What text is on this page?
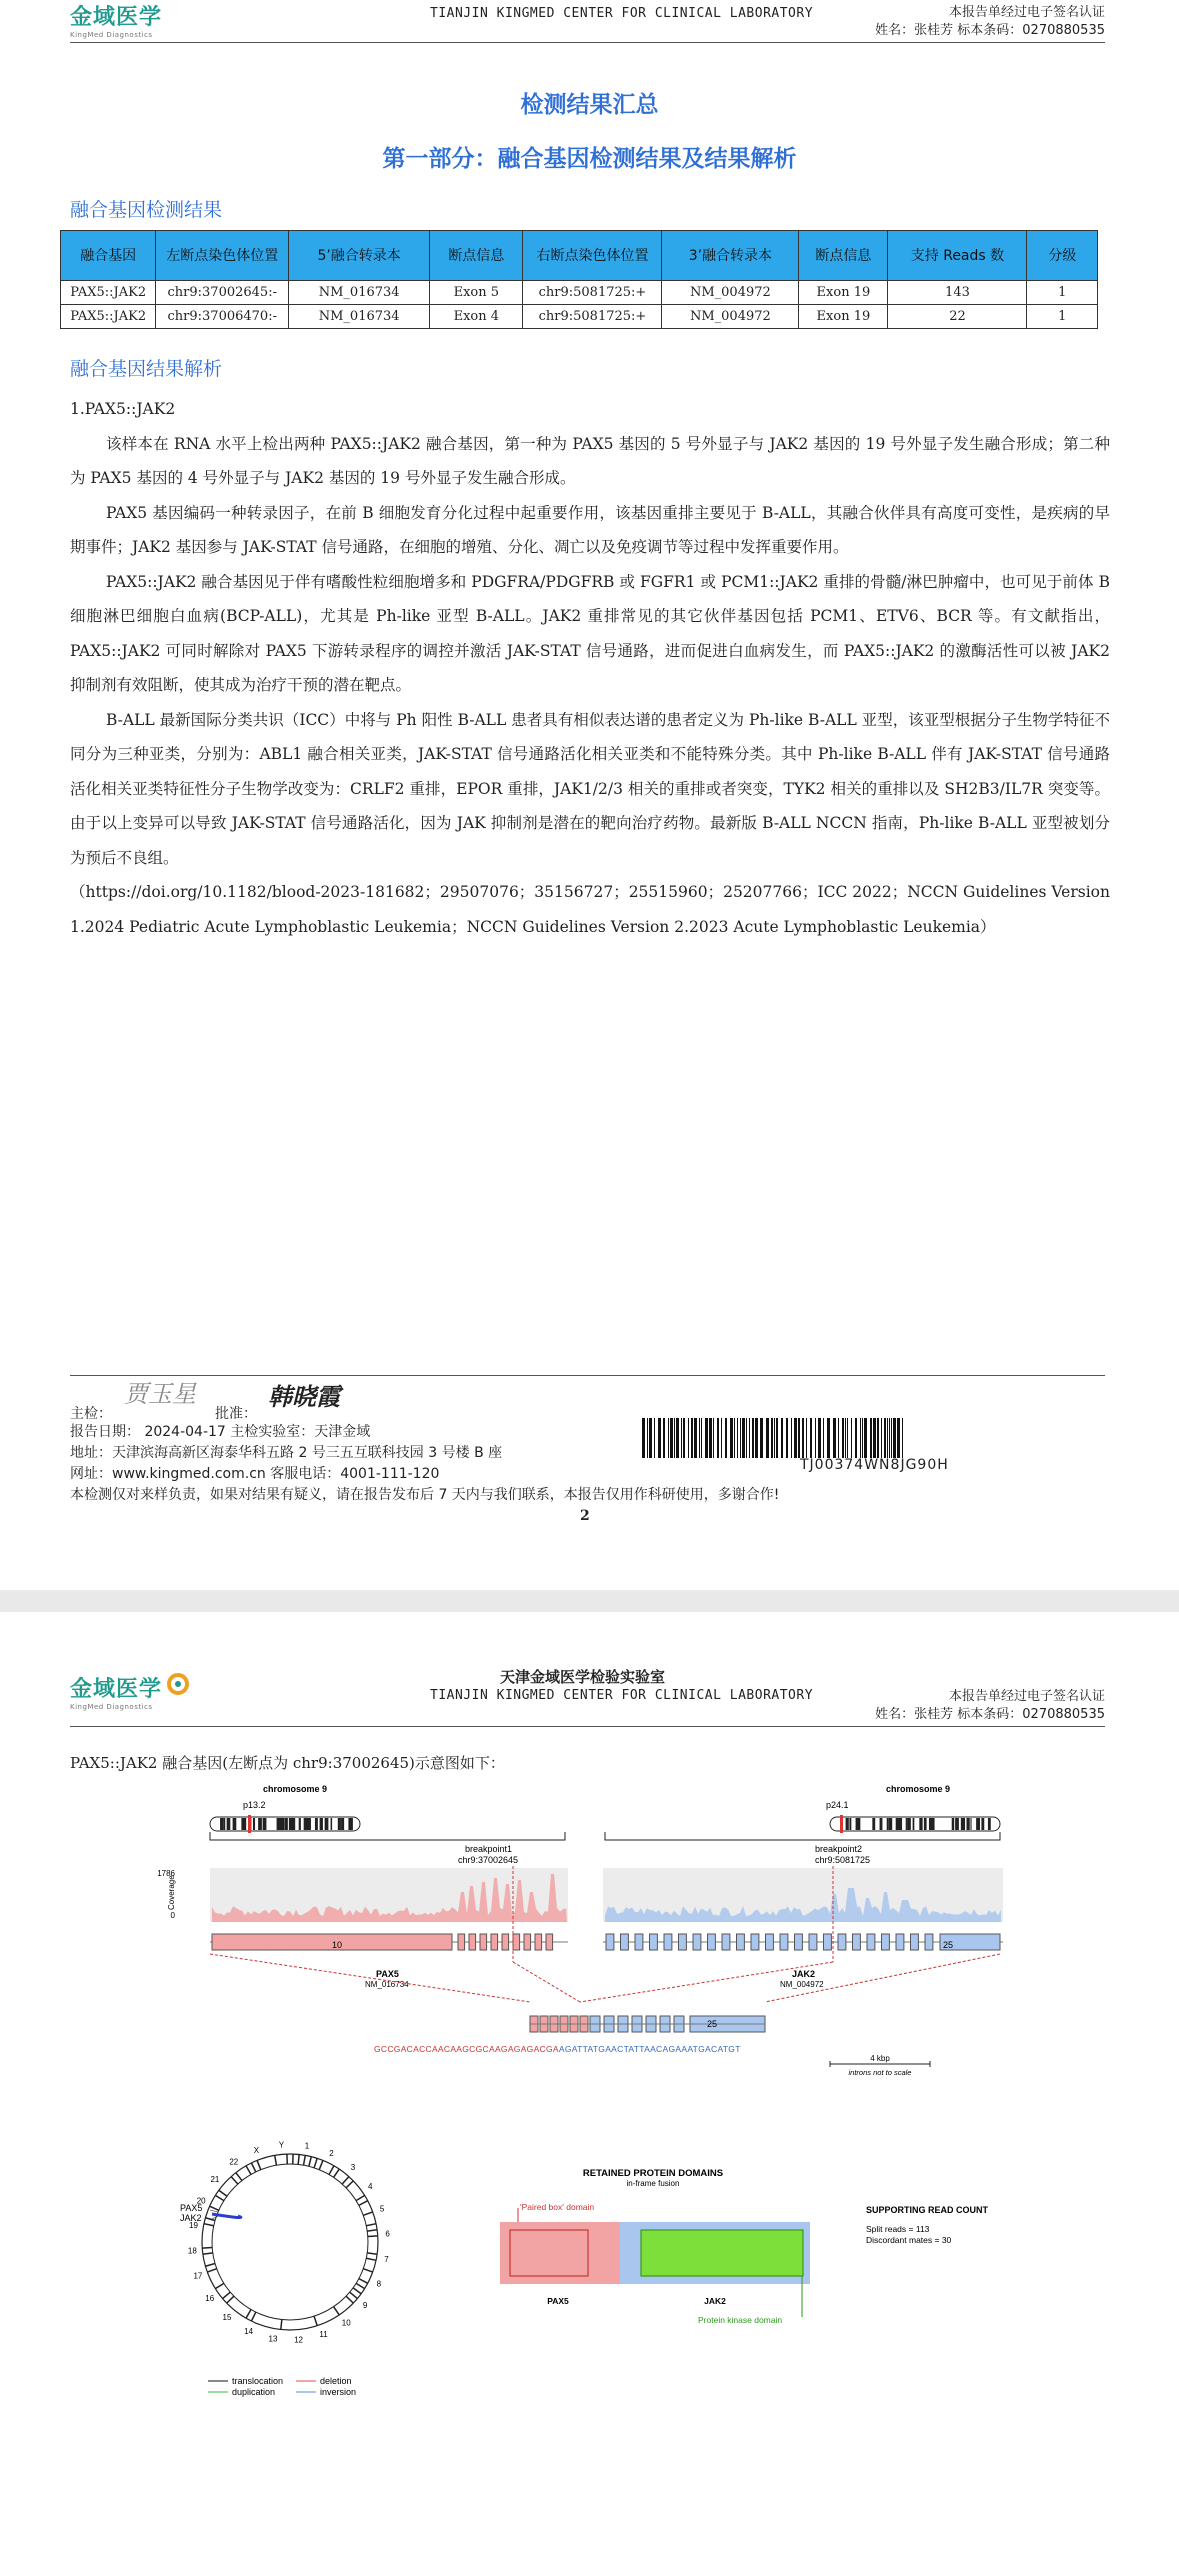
金域医学
KingMed Diagnostics
TIANJIN KINGMED CENTER FOR CLINICAL LABORATORY	本报告单经过电子签名认证
姓名：张桂芳 标本条码：0270880535
检测结果汇总
第一部分：融合基因检测结果及结果解析
融合基因检测结果
融合基因	左断点染色体位置	5’融合转录本	断点信息	右断点染色体位置	3’融合转录本	断点信息	支持 Reads 数	分级
PAX5::JAK2	chr9:37002645:-	NM_016734	Exon 5	chr9:5081725:+	NM_004972	Exon 19	143	1
PAX5::JAK2	chr9:37006470:-	NM_016734	Exon 4	chr9:5081725:+	NM_004972	Exon 19	22	1
融合基因结果解析

1.PAX5::JAK2

该样本在 RNA 水平上检出两种 PAX5::JAK2 融合基因，第一种为 PAX5 基因的 5 号外显子与 JAK2 基因的 19 号外显子发生融合形成；第二种为 PAX5 基因的 4 号外显子与 JAK2 基因的 19 号外显子发生融合形成。

PAX5 基因编码一种转录因子，在前 B 细胞发育分化过程中起重要作用，该基因重排主要见于 B-ALL，其融合伙伴具有高度可变性，是疾病的早期事件；JAK2 基因参与 JAK-STAT 信号通路，在细胞的增殖、分化、凋亡以及免疫调节等过程中发挥重要作用。

PAX5::JAK2 融合基因见于伴有嗜酸性粒细胞增多和 PDGFRA/PDGFRB 或 FGFR1 或 PCM1::JAK2 重排的骨髓/淋巴肿瘤中，也可见于前体 B 细胞淋巴细胞白血病(BCP-ALL)，尤其是 Ph-like 亚型 B-ALL。JAK2 重排常见的其它伙伴基因包括 PCM1、ETV6、BCR 等。有文献指出，PAX5::JAK2 可同时解除对 PAX5 下游转录程序的调控并激活 JAK-STAT 信号通路，进而促进白血病发生，而 PAX5::JAK2 的激酶活性可以被 JAK2 抑制剂有效阻断，使其成为治疗干预的潜在靶点。

B-ALL 最新国际分类共识（ICC）中将与 Ph 阳性 B-ALL 患者具有相似表达谱的患者定义为 Ph-like B-ALL 亚型，该亚型根据分子生物学特征不同分为三种亚类，分别为：ABL1 融合相关亚类，JAK-STAT 信号通路活化相关亚类和不能特殊分类。其中 Ph-like B-ALL 伴有 JAK-STAT 信号通路活化相关亚类特征性分子生物学改变为：CRLF2 重排，EPOR 重排，JAK1/2/3 相关的重排或者突变，TYK2 相关的重排以及 SH2B3/IL7R 突变等。由于以上变异可以导致 JAK-STAT 信号通路活化，因为 JAK 抑制剂是潜在的靶向治疗药物。最新版 B-ALL NCCN 指南，Ph-like B-ALL 亚型被划分为预后不良组。

（https://doi.org/10.1182/blood-2023-181682；29507076；35156727；25515960；25207766；ICC 2022；NCCN Guidelines Version 1.2024 Pediatric Acute Lymphoblastic Leukemia；NCCN Guidelines Version 2.2023 Acute Lymphoblastic Leukemia）

主检：
贾玉星
批准：
韩晓霞
报告日期： 2024-04-17 主检实验室：天津金域
地址：天津滨海高新区海泰华科五路 2 号三五互联科技园 3 号楼 B 座
网址：www.kingmed.com.cn 客服电话：4001-111-120
本检测仅对来样负责，如果对结果有疑义，请在报告发布后 7 天内与我们联系，本报告仅用作科研使用，多谢合作!
TJ00374WN8JG90H
2
金域医学
KingMed Diagnostics
天津金域医学检验实验室
TIANJIN KINGMED CENTER FOR CLINICAL LABORATORY	本报告单经过电子签名认证
姓名：张桂芳 标本条码：0270880535
PAX5::JAK2 融合基因(左断点为 chr9:37002645)示意图如下：
chromosome 9	chromosome 9
p13.2	p24.1
breakpoint1
chr9:37002645
breakpoint2
chr9:5081725
1786
0
Coverage
10	25
PAX5
NM_016734
JAK2
NM_004972
25
GCCGACACCAACAAGCGCAAGAGAGACGAAGATTATGAACTATTAACAGAAATGACATGT
4 kbp
introns not to scale
1
2
3
4
5
6
7
8
9
10
11
12
13
14
15
16
17
18
19
20
21
22
X
Y
PAX5
JAK2
translocation	deletion
duplication	inversion
RETAINED PROTEIN DOMAINS
in-frame fusion
'Paired box' domain
PAX5	JAK2
Protein kinase domain
SUPPORTING READ COUNT
Split reads = 113
Discordant mates = 30
